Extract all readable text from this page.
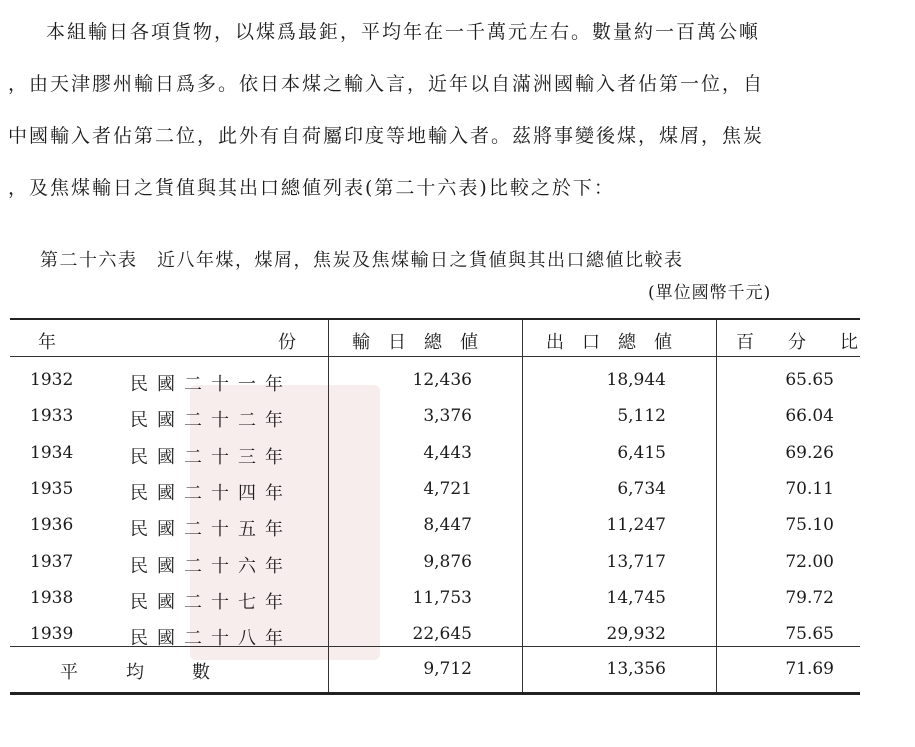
本組輸日各項貨物，以煤爲最鉅，平均年在一千萬元左右。數量約一百萬公噸
，由天津膠州輸日爲多。依日本煤之輸入言，近年以自滿洲國輸入者佔第一位，自
中國輸入者佔第二位，此外有自荷屬印度等地輸入者。茲將事變後煤，煤屑，焦炭
，及焦煤輸日之貨值與其出口總値列表(第二十六表)比較之於下：
第二十六表　近八年煤，煤屑，焦炭及焦煤輸日之貨値與其出口總値比較表
(單位國幣千元)
年	份	輸日總値	出口總値	百分比
1932	民國二十一年	12,436	18,944	65.65
1933	民國二十二年	3,376	5,112	66.04
1934	民國二十三年	4,443	6,415	69.26
1935	民國二十四年	4,721	6,734	70.11
1936	民國二十五年	8,447	11,247	75.10
1937	民國二十六年	9,876	13,717	72.00
1938	民國二十七年	11,753	14,745	79.72
1939	民國二十八年	22,645	29,932	75.65
平均數	9,712	13,356	71.69
